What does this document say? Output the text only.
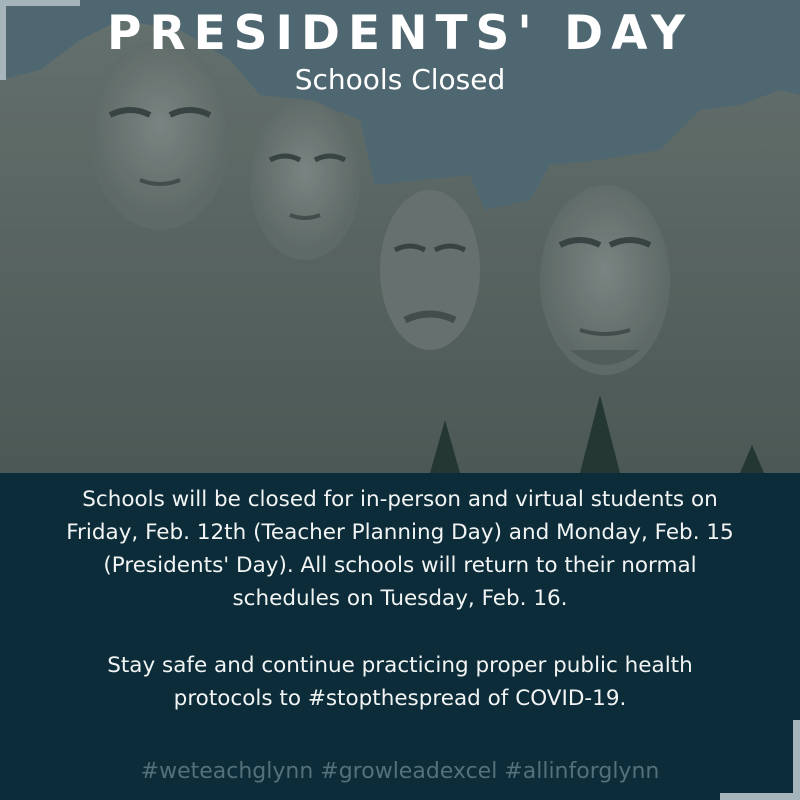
PRESIDENTS' DAY
Schools Closed
Schools will be closed for in-person and virtual students on
Friday, Feb. 12th (Teacher Planning Day) and Monday, Feb. 15
(Presidents' Day). All schools will return to their normal
schedules on Tuesday, Feb. 16.
Stay safe and continue practicing proper public health
protocols to #stopthespread of COVID-19.
#weteachglynn #growleadexcel #allinforglynn
